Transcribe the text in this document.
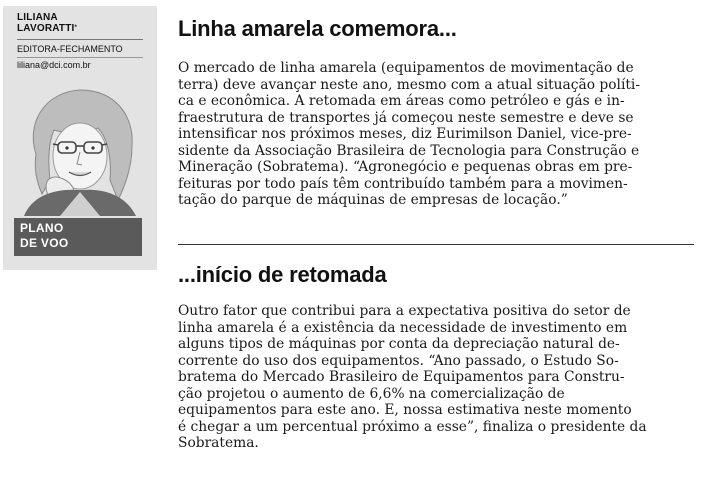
LILIANA
LAVORATTI*
EDITORA-FECHAMENTO
liliana@dci.com.br
PLANO
DE VOO
Linha amarela comemora...

O mercado de linha amarela (equipamentos de movimentação de
terra) deve avançar neste ano, mesmo com a atual situação políti-
ca e econômica. A retomada em áreas como petróleo e gás e in-
fraestrutura de transportes já começou neste semestre e deve se
intensificar nos próximos meses, diz Eurimilson Daniel, vice-pre-
sidente da Associação Brasileira de Tecnologia para Construção e
Mineração (Sobratema). “Agronegócio e pequenas obras em pre-
feituras por todo país têm contribuído também para a movimen-
tação do parque de máquinas de empresas de locação.”

...início de retomada

Outro fator que contribui para a expectativa positiva do setor de
linha amarela é a existência da necessidade de investimento em
alguns tipos de máquinas por conta da depreciação natural de-
corrente do uso dos equipamentos. “Ano passado, o Estudo So-
bratema do Mercado Brasileiro de Equipamentos para Constru-
ção projetou o aumento de 6,6% na comercialização de
equipamentos para este ano. E, nossa estimativa neste momento
é chegar a um percentual próximo a esse”, finaliza o presidente da
Sobratema.
